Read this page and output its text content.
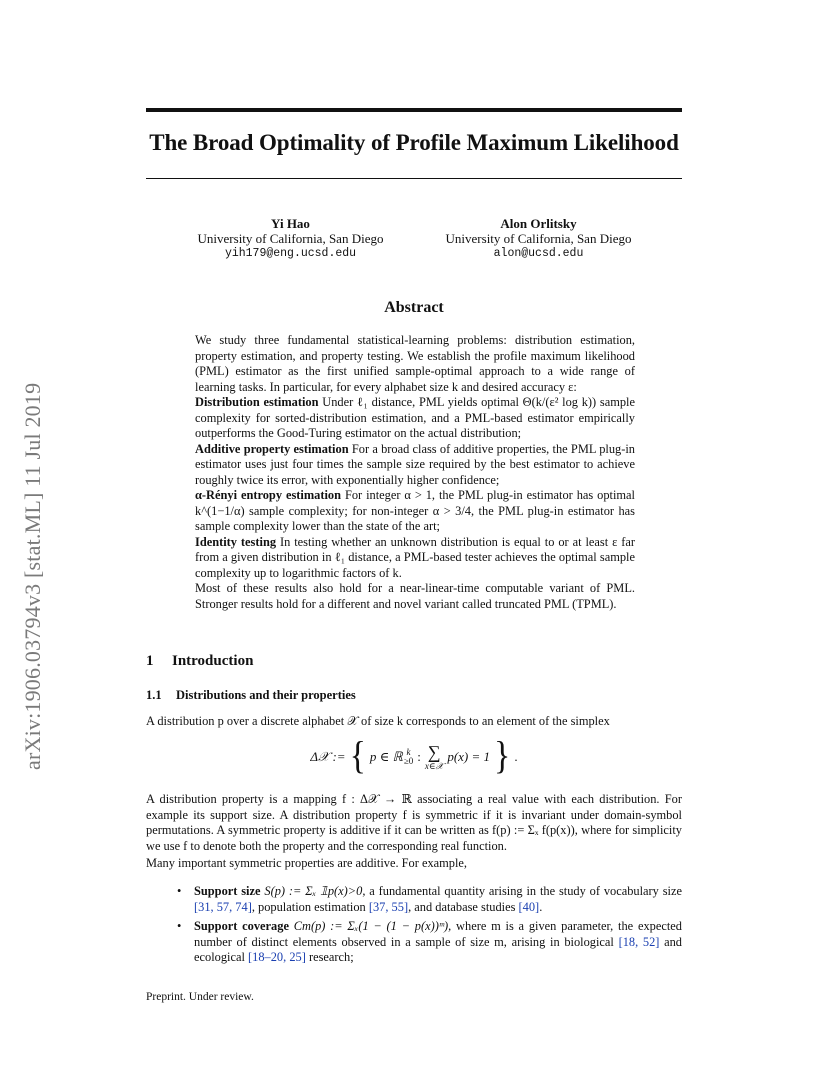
arXiv:1906.03794v3 [stat.ML] 11 Jul 2019
The Broad Optimality of Profile Maximum Likelihood
Yi Hao
University of California, San Diego
yih179@eng.ucsd.edu
Alon Orlitsky
University of California, San Diego
alon@ucsd.edu
Abstract

We study three fundamental statistical-learning problems: distribution estimation, property estimation, and property testing. We establish the profile maximum likelihood (PML) estimator as the first unified sample-optimal approach to a wide range of learning tasks. In particular, for every alphabet size k and desired accuracy ε:

Distribution estimation Under ℓ₁ distance, PML yields optimal Θ(k/(ε² log k)) sample complexity for sorted-distribution estimation, and a PML-based estimator empirically outperforms the Good-Turing estimator on the actual distribution;

Additive property estimation For a broad class of additive properties, the PML plug-in estimator uses just four times the sample size required by the best estimator to achieve roughly twice its error, with exponentially higher confidence;

α-Rényi entropy estimation For integer α > 1, the PML plug-in estimator has optimal k^(1−1/α) sample complexity; for non-integer α > 3/4, the PML plug-in estimator has sample complexity lower than the state of the art;

Identity testing In testing whether an unknown distribution is equal to or at least ε far from a given distribution in ℓ₁ distance, a PML-based tester achieves the optimal sample complexity up to logarithmic factors of k.

Most of these results also hold for a near-linear-time computable variant of PML. Stronger results hold for a different and novel variant called truncated PML (TPML).

1 Introduction
1.1 Distributions and their properties
A distribution p over a discrete alphabet 𝒳 of size k corresponds to an element of the simplex
Δ𝒳 := { p ∈ ℝ k
≥0 : ∑
x∈𝒳
p(x) = 1 } .
A distribution property is a mapping f : Δ𝒳 → ℝ associating a real value with each distribution. For example its support size. A distribution property f is symmetric if it is invariant under domain-symbol permutations. A symmetric property is additive if it can be written as f(p) := Σₓ f(p(x)), where for simplicity we use f to denote both the property and the corresponding real function.
Many important symmetric properties are additive. For example,
• Support size S(p) := Σₓ 𝟙p(x)>0, a fundamental quantity arising in the study of vocabulary size [31, 57, 74], population estimation [37, 55], and database studies [40].
• Support coverage Cm(p) := Σₓ(1 − (1 − p(x))ᵐ), where m is a given parameter, the expected number of distinct elements observed in a sample of size m, arising in biological [18, 52] and ecological [18–20, 25] research;
Preprint. Under review.
